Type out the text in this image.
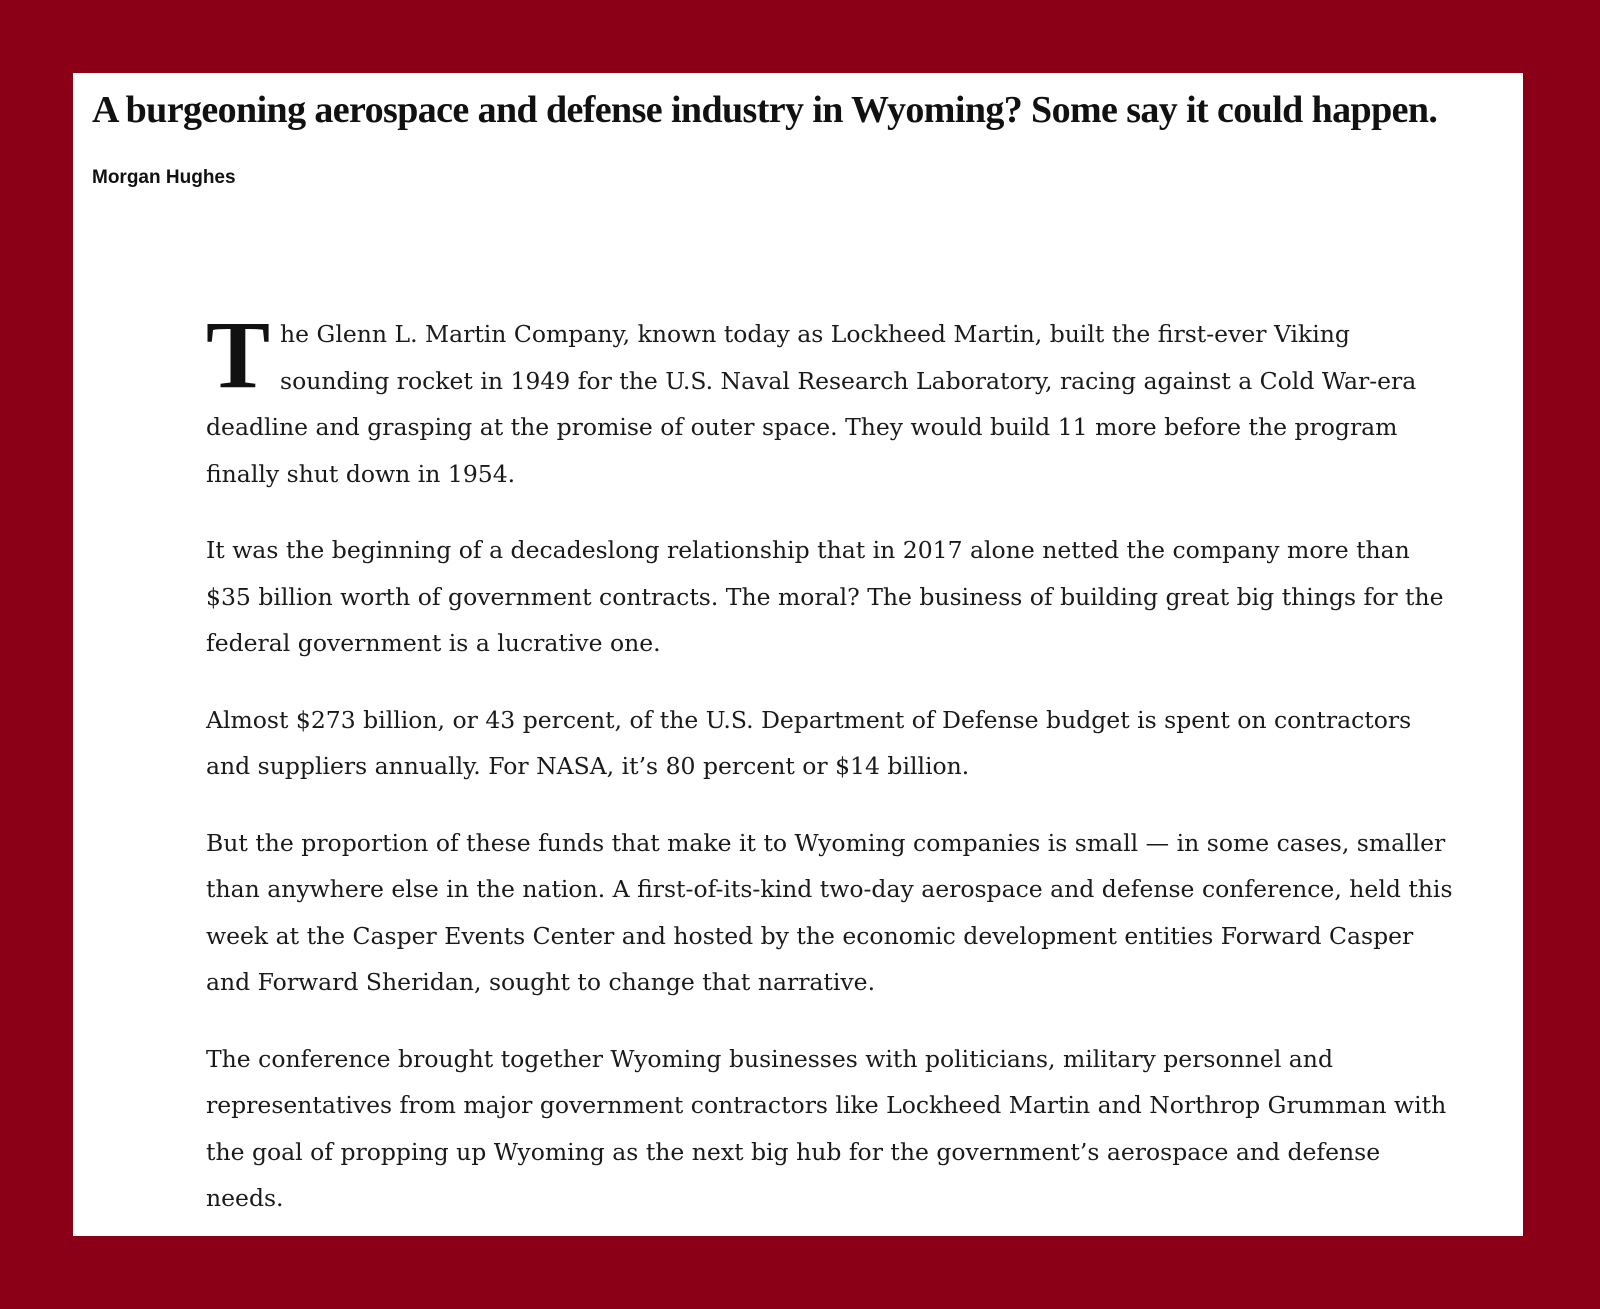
A burgeoning aerospace and defense industry in Wyoming? Some say it could happen.
Morgan Hughes

The Glenn L. Martin Company, known today as Lockheed Martin, built the first-ever Viking sounding rocket in 1949 for the U.S. Naval Research Laboratory, racing against a Cold War-era deadline and grasping at the promise of outer space. They would build 11 more before the program finally shut down in 1954.

It was the beginning of a decadeslong relationship that in 2017 alone netted the company more than $35 billion worth of government contracts. The moral? The business of building great big things for the federal government is a lucrative one.

Almost $273 billion, or 43 percent, of the U.S. Department of Defense budget is spent on contractors and suppliers annually. For NASA, it’s 80 percent or $14 billion.

But the proportion of these funds that make it to Wyoming companies is small — in some cases, smaller than anywhere else in the nation. A first-of-its-kind two-day aerospace and defense conference, held this week at the Casper Events Center and hosted by the economic development entities Forward Casper and Forward Sheridan, sought to change that narrative.

The conference brought together Wyoming businesses with politicians, military personnel and representatives from major government contractors like Lockheed Martin and Northrop Grumman with the goal of propping up Wyoming as the next big hub for the government’s aerospace and defense needs.
